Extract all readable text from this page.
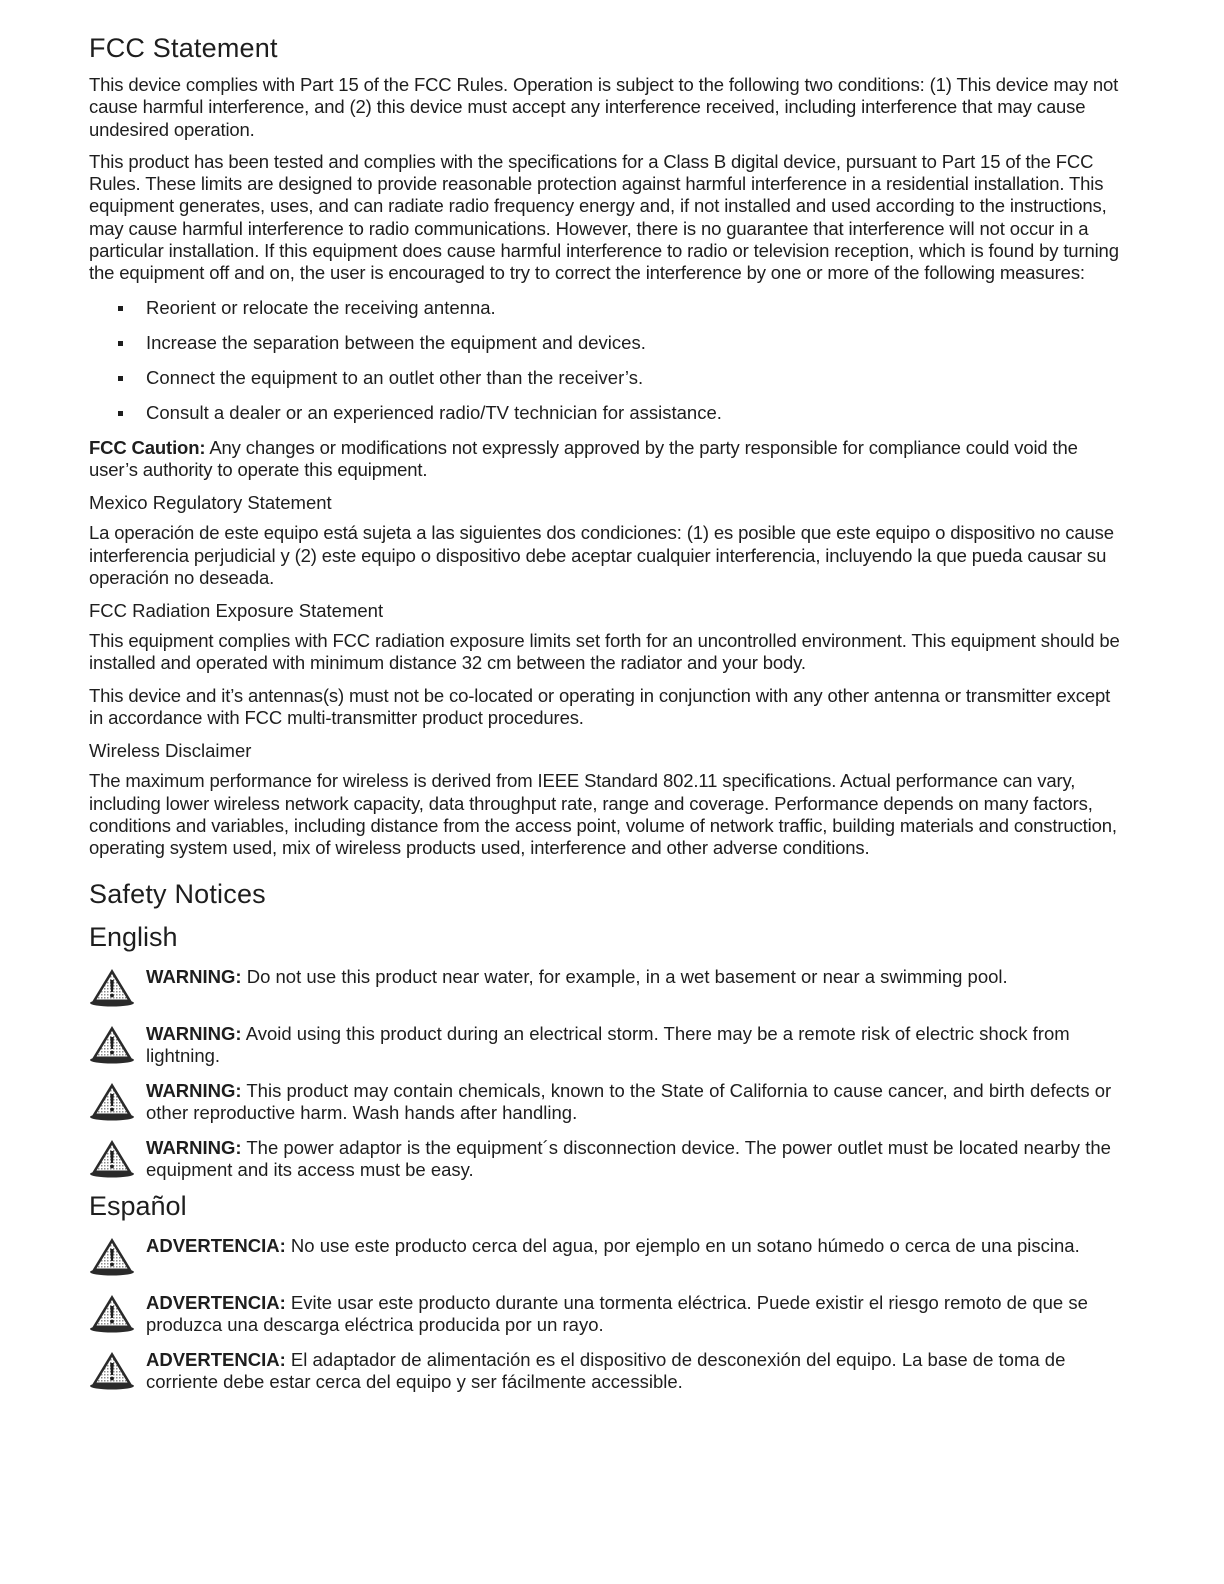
FCC Statement

This device complies with Part 15 of the FCC Rules. Operation is subject to the following two conditions: (1) This device may not cause harmful interference, and (2) this device must accept any interference received, including interference that may cause undesired operation.

This product has been tested and complies with the specifications for a Class B digital device, pursuant to Part 15 of the FCC Rules. These limits are designed to provide reasonable protection against harmful interference in a residential installation. This equipment generates, uses, and can radiate radio frequency energy and, if not installed and used according to the instructions, may cause harmful interference to radio communications. However, there is no guarantee that interference will not occur in a particular installation. If this equipment does cause harmful interference to radio or television reception, which is found by turning the equipment off and on, the user is encouraged to try to correct the interference by one or more of the following measures:

Reorient or relocate the receiving antenna.
Increase the separation between the equipment and devices.
Connect the equipment to an outlet other than the receiver’s.
Consult a dealer or an experienced radio/TV technician for assistance.

FCC Caution: Any changes or modifications not expressly approved by the party responsible for compliance could void the user’s authority to operate this equipment.

Mexico Regulatory Statement

La operación de este equipo está sujeta a las siguientes dos condiciones: (1) es posible que este equipo o dispositivo no cause interferencia perjudicial y (2) este equipo o dispositivo debe aceptar cualquier interferencia, incluyendo la que pueda causar su operación no deseada.

FCC Radiation Exposure Statement

This equipment complies with FCC radiation exposure limits set forth for an uncontrolled environment. This equipment should be installed and operated with minimum distance 32 cm between the radiator and your body.

This device and it’s antennas(s) must not be co-located or operating in conjunction with any other antenna or transmitter except in accordance with FCC multi-transmitter product procedures.

Wireless Disclaimer

The maximum performance for wireless is derived from IEEE Standard 802.11 specifications. Actual performance can vary, including lower wireless network capacity, data throughput rate, range and coverage. Performance depends on many factors, conditions and variables, including distance from the access point, volume of network traffic, building materials and construction, operating system used, mix of wireless products used, interference and other adverse conditions.

Safety Notices
English
WARNING: Do not use this product near water, for example, in a wet basement or near a swimming pool.
WARNING: Avoid using this product during an electrical storm. There may be a remote risk of electric shock from lightning.
WARNING: This product may contain chemicals, known to the State of California to cause cancer, and birth defects or other reproductive harm. Wash hands after handling.
WARNING: The power adaptor is the equipment´s disconnection device. The power outlet must be located nearby the equipment and its access must be easy.
Español
ADVERTENCIA: No use este producto cerca del agua, por ejemplo en un sotano húmedo o cerca de una piscina.
ADVERTENCIA: Evite usar este producto durante una tormenta eléctrica. Puede existir el riesgo remoto de que se produzca una descarga eléctrica producida por un rayo.
ADVERTENCIA: El adaptador de alimentación es el dispositivo de desconexión del equipo. La base de toma de corriente debe estar cerca del equipo y ser fácilmente accessible.
